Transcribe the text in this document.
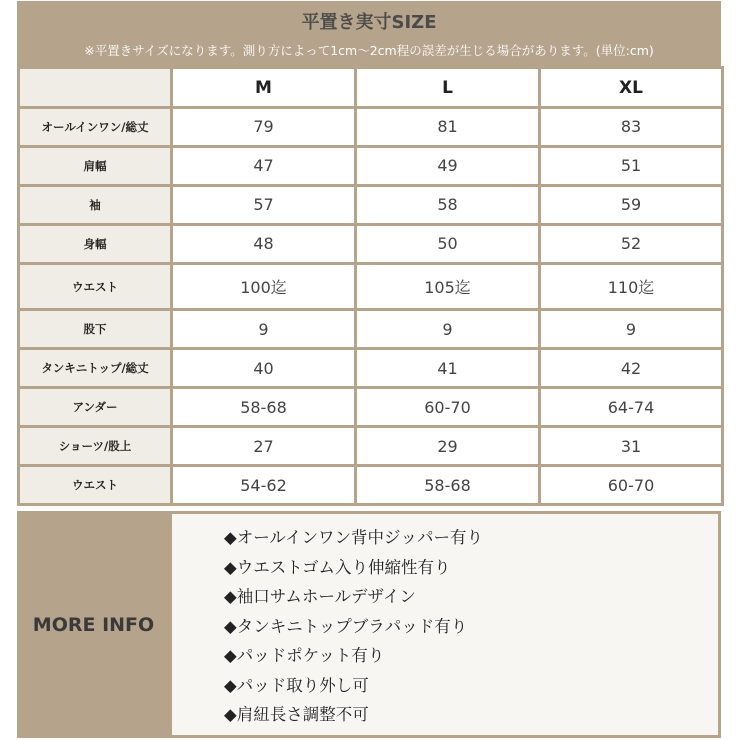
平置き実寸SIZE
※平置きサイズになります。測り方によって1cm～2cm程の誤差が生じる場合があります。(単位:cm)
	M	L	XL
オールインワン/総丈	79	81	83
肩幅	47	49	51
袖	57	58	59
身幅	48	50	52
ウエスト	100迄	105迄	110迄
股下	9	9	9
タンキニトップ/総丈	40	41	42
アンダー	58-68	60-70	64-74
ショーツ/股上	27	29	31
ウエスト	54-62	58-68	60-70
MORE INFO
◆オールインワン背中ジッパー有り
◆ウエストゴム入り伸縮性有り
◆袖口サムホールデザイン
◆タンキニトップブラパッド有り
◆パッドポケット有り
◆パッド取り外し可
◆肩紐長さ調整不可
